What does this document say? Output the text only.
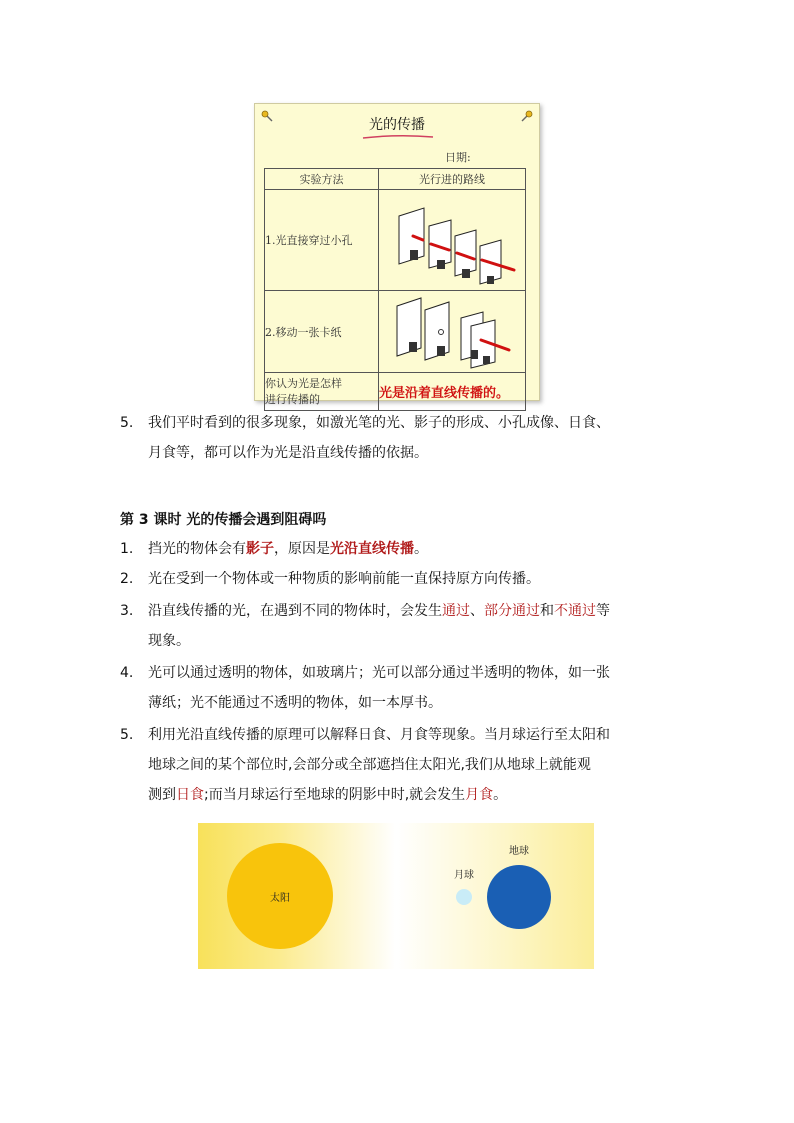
光的传播
日期:
实验方法	光行进的路线
1.光直接穿过小孔	

2.移动一张卡纸	

你认为光是怎样
进行传播的	光是沿着直线传播的。
5.	我们平时看到的很多现象，如激光笔的光、影子的形成、小孔成像、日食、
月食等，都可以作为光是沿直线传播的依据。
第 3 课时 光的传播会遇到阻碍吗
1.	挡光的物体会有影子，原因是光沿直线传播。
2.	光在受到一个物体或一种物质的影响前能一直保持原方向传播。
3.	沿直线传播的光，在遇到不同的物体时，会发生通过、部分通过和不通过等
现象。
4.	光可以通过透明的物体，如玻璃片；光可以部分通过半透明的物体，如一张
薄纸；光不能通过不透明的物体，如一本厚书。
5.	利用光沿直线传播的原理可以解释日食、月食等现象。当月球运行至太阳和
地球之间的某个部位时,会部分或全部遮挡住太阳光,我们从地球上就能观
测到日食;而当月球运行至地球的阴影中时,就会发生月食。
太阳
月球
地球
